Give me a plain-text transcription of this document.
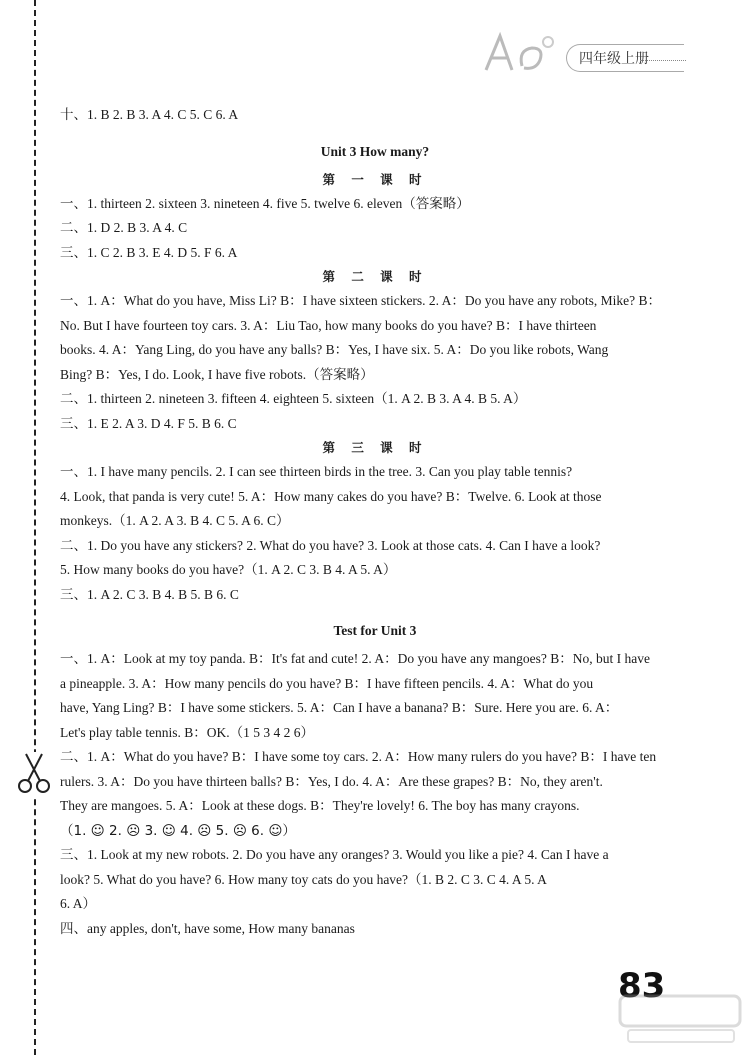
四年级上册
十、1. B 2. B 3. A 4. C 5. C 6. A
Unit 3 How many?
第 一 课 时
一、1. thirteen 2. sixteen 3. nineteen 4. five 5. twelve 6. eleven（答案略）
二、1. D 2. B 3. A 4. C
三、1. C 2. B 3. E 4. D 5. F 6. A
第 二 课 时
一、1. A：What do you have, Miss Li? B：I have sixteen stickers. 2. A：Do you have any robots, Mike? B：
No. But I have fourteen toy cars. 3. A：Liu Tao, how many books do you have? B：I have thirteen
books. 4. A：Yang Ling, do you have any balls? B：Yes, I have six. 5. A：Do you like robots, Wang
Bing? B：Yes, I do. Look, I have five robots.（答案略）
二、1. thirteen 2. nineteen 3. fifteen 4. eighteen 5. sixteen（1. A 2. B 3. A 4. B 5. A）
三、1. E 2. A 3. D 4. F 5. B 6. C
第 三 课 时
一、1. I have many pencils. 2. I can see thirteen birds in the tree. 3. Can you play table tennis?
4. Look, that panda is very cute! 5. A：How many cakes do you have? B：Twelve. 6. Look at those
monkeys.（1. A 2. A 3. B 4. C 5. A 6. C）
二、1. Do you have any stickers? 2. What do you have? 3. Look at those cats. 4. Can I have a look?
5. How many books do you have?（1. A 2. C 3. B 4. A 5. A）
三、1. A 2. C 3. B 4. B 5. B 6. C
Test for Unit 3
一、1. A：Look at my toy panda. B：It's fat and cute! 2. A：Do you have any mangoes? B：No, but I have
a pineapple. 3. A：How many pencils do you have? B：I have fifteen pencils. 4. A：What do you
have, Yang Ling? B：I have some stickers. 5. A：Can I have a banana? B：Sure. Here you are. 6. A：
Let's play table tennis. B：OK.（1 5 3 4 2 6）
二、1. A：What do you have? B：I have some toy cars. 2. A：How many rulers do you have? B：I have ten
rulers. 3. A：Do you have thirteen balls? B：Yes, I do. 4. A：Are these grapes? B：No, they aren't.
They are mangoes. 5. A：Look at these dogs. B：They're lovely! 6. The boy has many crayons.
（1. ☺ 2. ☹ 3. ☺ 4. ☹ 5. ☹ 6. ☺）
三、1. Look at my new robots. 2. Do you have any oranges? 3. Would you like a pie? 4. Can I have a
look? 5. What do you have? 6. How many toy cats do you have?（1. B 2. C 3. C 4. A 5. A
6. A）
四、any apples, don't, have some, How many bananas
83
